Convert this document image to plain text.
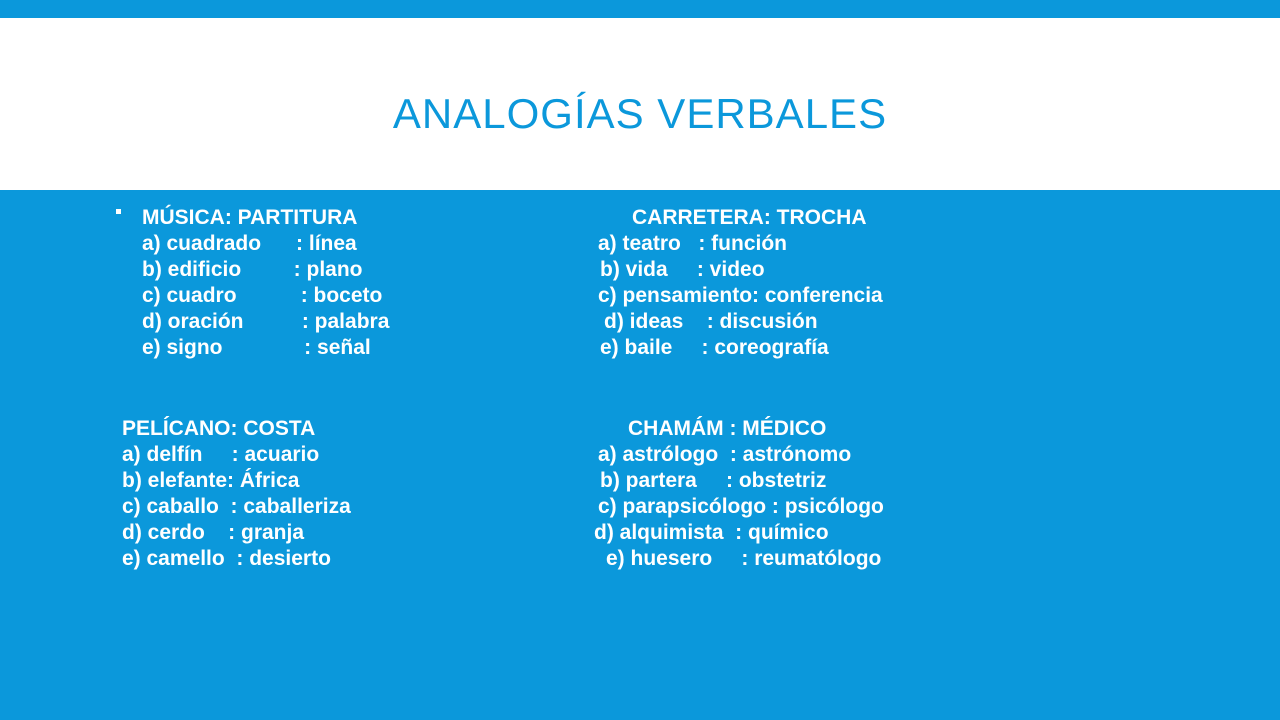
ANALOGÍAS VERBALES
MÚSICA: PARTITURA
a) cuadrado      : línea
b) edificio         : plano
c) cuadro           : boceto
d) oración          : palabra
e) signo              : señal
CARRETERA: TROCHA
a) teatro   : función
b) vida     : video
c) pensamiento: conferencia
d) ideas    : discusión
e) baile     : coreografía
PELÍCANO: COSTA
a) delfín     : acuario
b) elefante: África
c) caballo  : caballeriza
d) cerdo    : granja
e) camello  : desierto
CHAMÁM : MÉDICO
a) astrólogo  : astrónomo
b) partera     : obstetriz
c) parapsicólogo : psicólogo
d) alquimista  : químico
e) huesero     : reumatólogo
